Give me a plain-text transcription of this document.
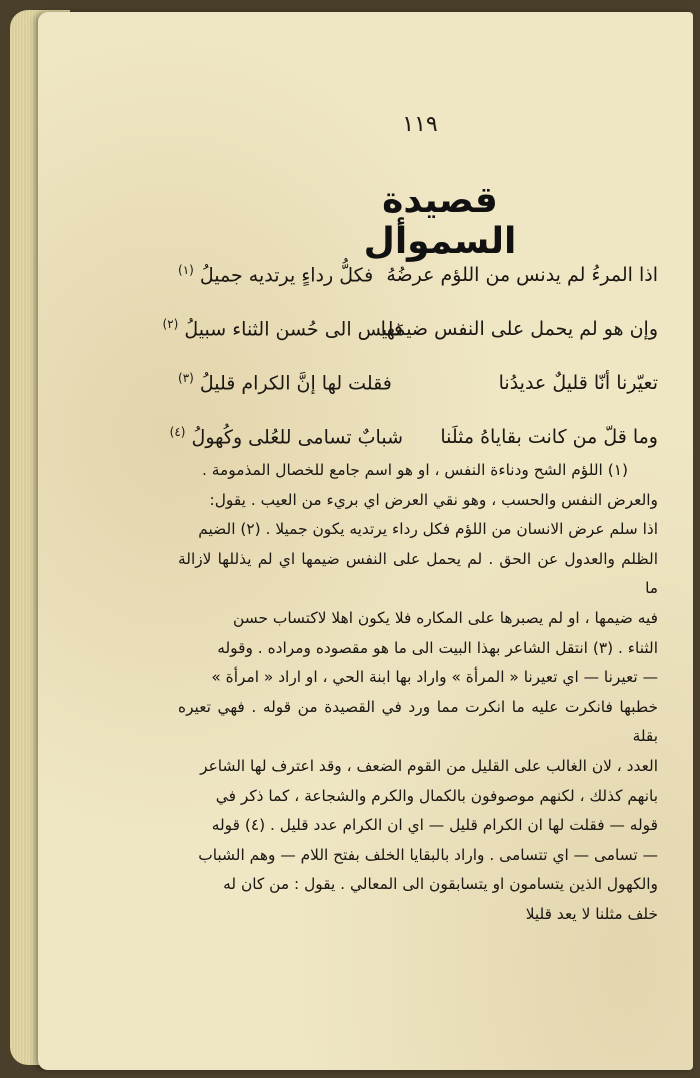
١١٩
قصيدة السموأل
اذا المرءُ لم يدنس من اللؤم عرضُهُ
فكلُّ رداءٍ يرتديه جميلُ $^{(١)}$
وإن هو لم يحمل على النفس ضيمَها
فليس الى حُسن الثناء سبيلُ $^{(٢)}$
تعيّرنا أنّا قليلٌ عديدُنا
فقلت لها إنَّ الكرام قليلُ $^{(٣)}$
وما قلّ من كانت بقاياهُ مثلَنا
شبابٌ تسامى للعُلى وكُهولُ $^{(٤)}$

(١) اللؤم الشح ودناءة النفس ، او هو اسم جامع للخصال المذمومة .

والعرض النفس والحسب ، وهو نقي العرض اي بريء من العيب . يقول:

اذا سلم عرض الانسان من اللؤم فكل رداء يرتديه يكون جميلا . (٢) الضيم

الظلم والعدول عن الحق . لم يحمل على النفس ضيمها اي لم يذللها لازالة ما

فيه ضيمها ، او لم يصبرها على المكاره فلا يكون اهلا لاكتساب حسن

الثناء . (٣) انتقل الشاعر بهذا البيت الى ما هو مقصوده ومراده . وقوله

— تعيرنا — اي تعيرنا « المرأة » واراد بها ابنة الحي ، او اراد « امرأة »

خطبها فانكرت عليه ما انكرت مما ورد في القصيدة من قوله . فهي تعيره بقلة

العدد ، لان الغالب على القليل من القوم الضعف ، وقد اعترف لها الشاعر

بانهم كذلك ، لكنهم موصوفون بالكمال والكرم والشجاعة ، كما ذكر في

قوله — فقلت لها ان الكرام قليل — اي ان الكرام عدد قليل . (٤) قوله

— تسامى — اي تتسامى . واراد بالبقايا الخلف بفتح اللام — وهم الشباب

والكهول الذين يتسامون او يتسابقون الى المعالي . يقول : من كان له

خلف مثلنا لا يعد قليلا
